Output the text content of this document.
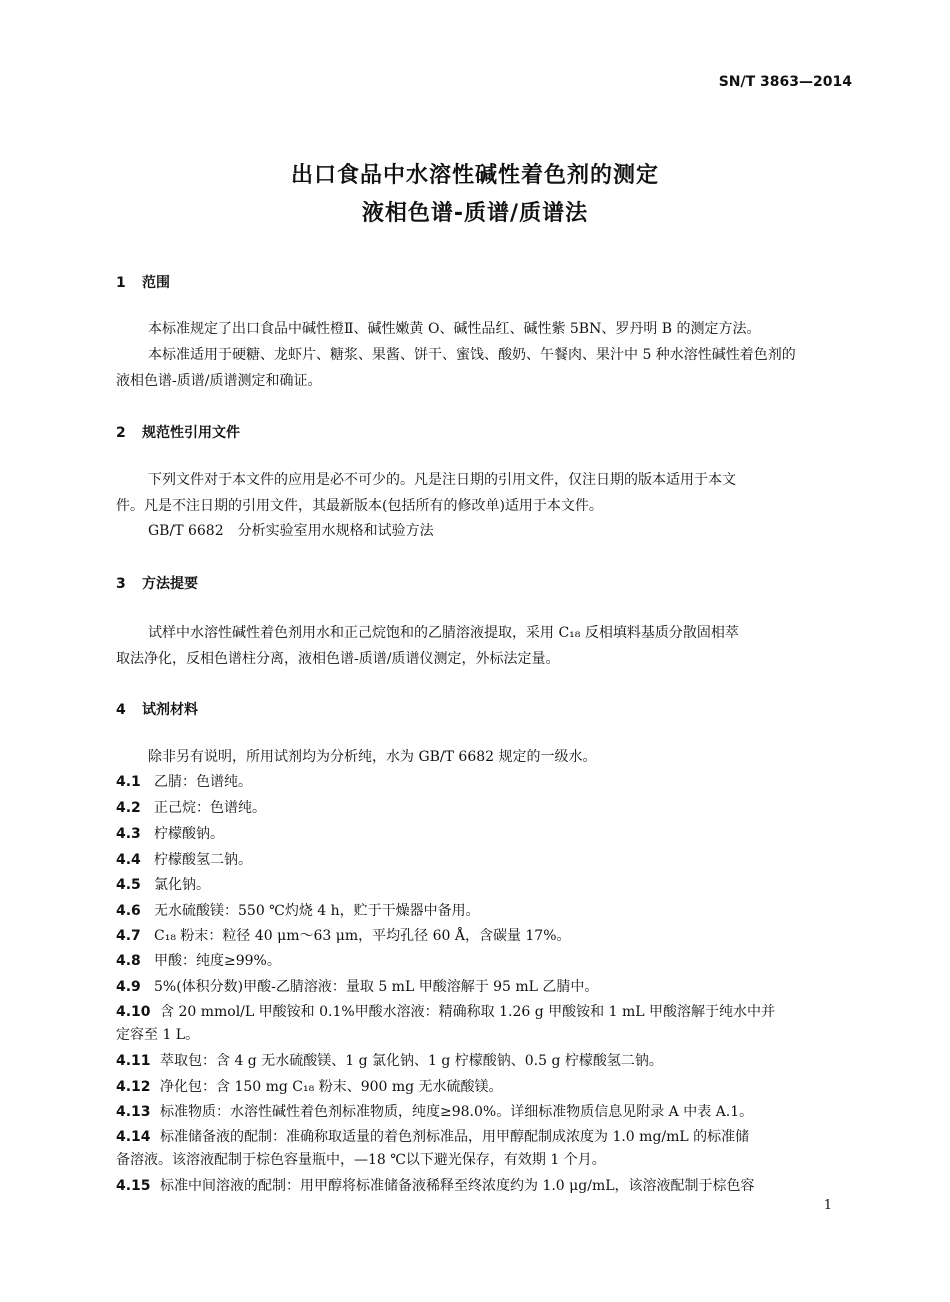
SN/T 3863—2014
出口食品中水溶性碱性着色剂的测定
液相色谱-质谱/质谱法
1 范围
本标准规定了出口食品中碱性橙Ⅱ、碱性嫩黄 O、碱性品红、碱性紫 5BN、罗丹明 B 的测定方法。
本标准适用于硬糖、龙虾片、糖浆、果酱、饼干、蜜饯、酸奶、午餐肉、果汁中 5 种水溶性碱性着色剂的
液相色谱-质谱/质谱测定和确证。
2 规范性引用文件
下列文件对于本文件的应用是必不可少的。凡是注日期的引用文件，仅注日期的版本适用于本文
件。凡是不注日期的引用文件，其最新版本(包括所有的修改单)适用于本文件。
GB/T 6682　分析实验室用水规格和试验方法
3 方法提要
试样中水溶性碱性着色剂用水和正己烷饱和的乙腈溶液提取，采用 C₁₈ 反相填料基质分散固相萃
取法净化，反相色谱柱分离，液相色谱-质谱/质谱仪测定，外标法定量。
4 试剂材料
除非另有说明，所用试剂均为分析纯，水为 GB/T 6682 规定的一级水。
4.1 乙腈：色谱纯。
4.2 正己烷：色谱纯。
4.3 柠檬酸钠。
4.4 柠檬酸氢二钠。
4.5 氯化钠。
4.6 无水硫酸镁：550 ℃灼烧 4 h，贮于干燥器中备用。
4.7 C₁₈ 粉末：粒径 40 μm～63 μm，平均孔径 60 Å，含碳量 17%。
4.8 甲酸：纯度≥99%。
4.9 5%(体积分数)甲酸-乙腈溶液：量取 5 mL 甲酸溶解于 95 mL 乙腈中。
4.10 含 20 mmol/L 甲酸铵和 0.1%甲酸水溶液：精确称取 1.26 g 甲酸铵和 1 mL 甲酸溶解于纯水中并
定容至 1 L。
4.11 萃取包：含 4 g 无水硫酸镁、1 g 氯化钠、1 g 柠檬酸钠、0.5 g 柠檬酸氢二钠。
4.12 净化包：含 150 mg C₁₈ 粉末、900 mg 无水硫酸镁。
4.13 标准物质：水溶性碱性着色剂标准物质，纯度≥98.0%。详细标准物质信息见附录 A 中表 A.1。
4.14 标准储备液的配制：准确称取适量的着色剂标准品，用甲醇配制成浓度为 1.0 mg/mL 的标准储
备溶液。该溶液配制于棕色容量瓶中，—18 ℃以下避光保存，有效期 1 个月。
4.15 标准中间溶液的配制：用甲醇将标准储备液稀释至终浓度约为 1.0 μg/mL，该溶液配制于棕色容
1
